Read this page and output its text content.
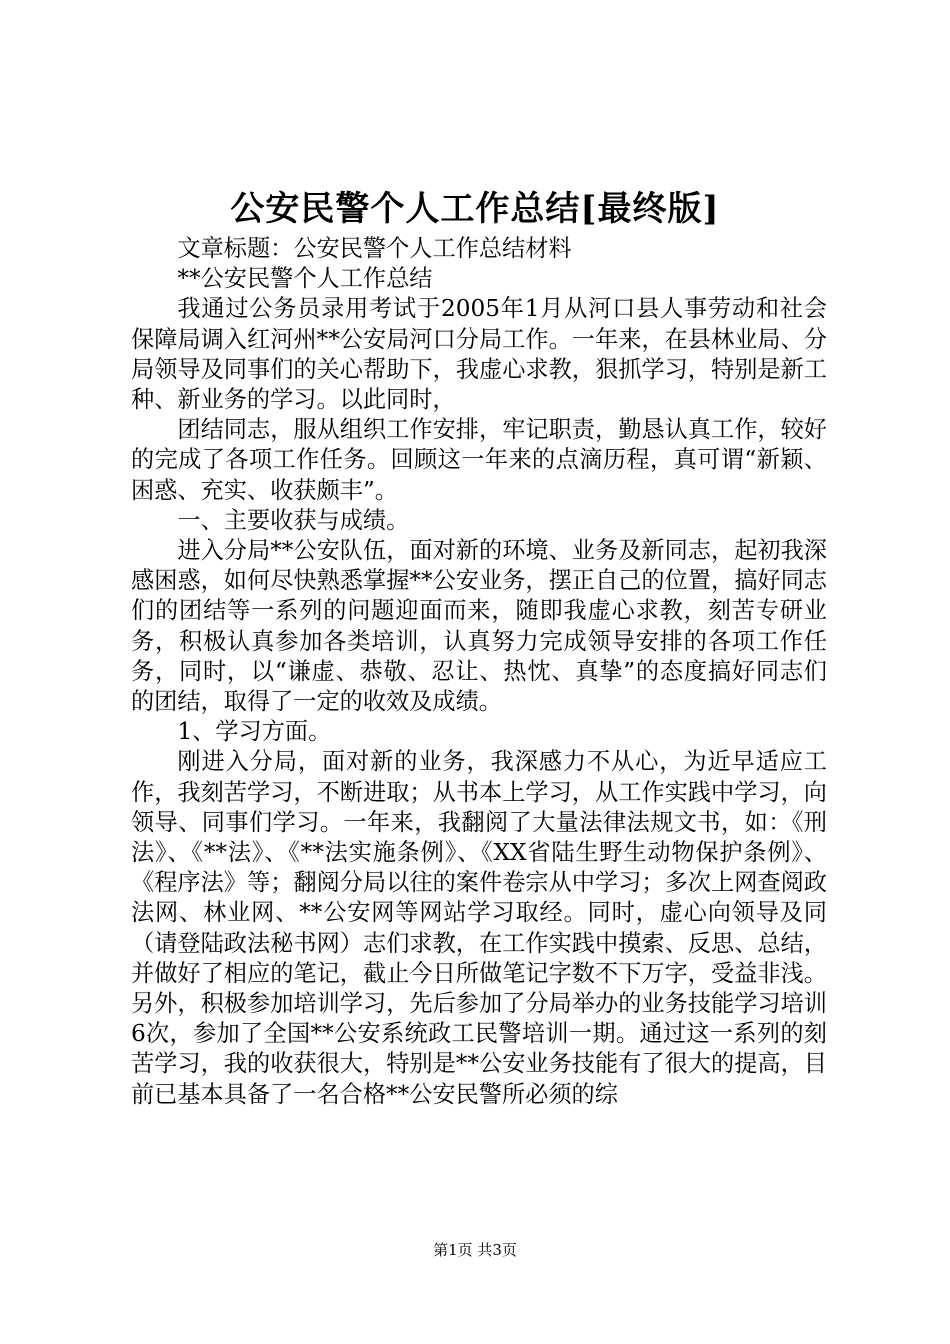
公安民警个人工作总结[最终版]

文章标题：公安民警个人工作总结材料

**公安民警个人工作总结

我通过公务员录用考试于2005年1月从河口县人事劳动和社会保障局调入红河州**公安局河口分局工作。一年来，在县林业局、分局领导及同事们的关心帮助下，我虚心求教，狠抓学习，特别是新工种、新业务的学习。以此同时，

团结同志，服从组织工作安排，牢记职责，勤恳认真工作，较好的完成了各项工作任务。回顾这一年来的点滴历程，真可谓“新颖、困惑、充实、收获颇丰”。

一、主要收获与成绩。

进入分局**公安队伍，面对新的环境、业务及新同志，起初我深感困惑，如何尽快熟悉掌握**公安业务，摆正自己的位置，搞好同志们的团结等一系列的问题迎面而来，随即我虚心求教，刻苦专研业务，积极认真参加各类培训，认真努力完成领导安排的各项工作任务，同时，以“谦虚、恭敬、忍让、热忱、真挚”的态度搞好同志们的团结，取得了一定的收效及成绩。

1、学习方面。

刚进入分局，面对新的业务，我深感力不从心，为近早适应工作，我刻苦学习，不断进取；从书本上学习，从工作实践中学习，向领导、同事们学习。一年来，我翻阅了大量法律法规文书，如：《刑法》、《**法》、《**法实施条例》、《XX省陆生野生动物保护条例》、《程序法》等；翻阅分局以往的案件卷宗从中学习；多次上网查阅政法网、林业网、**公安网等网站学习取经。同时，虚心向领导及同（请登陆政法秘书网）志们求教，在工作实践中摸索、反思、总结，并做好了相应的笔记，截止今日所做笔记字数不下万字，受益非浅。另外，积极参加培训学习，先后参加了分局举办的业务技能学习培训6次，参加了全国**公安系统政工民警培训一期。通过这一系列的刻苦学习，我的收获很大，特别是**公安业务技能有了很大的提高，目前已基本具备了一名合格**公安民警所必须的综

第1页 共3页
